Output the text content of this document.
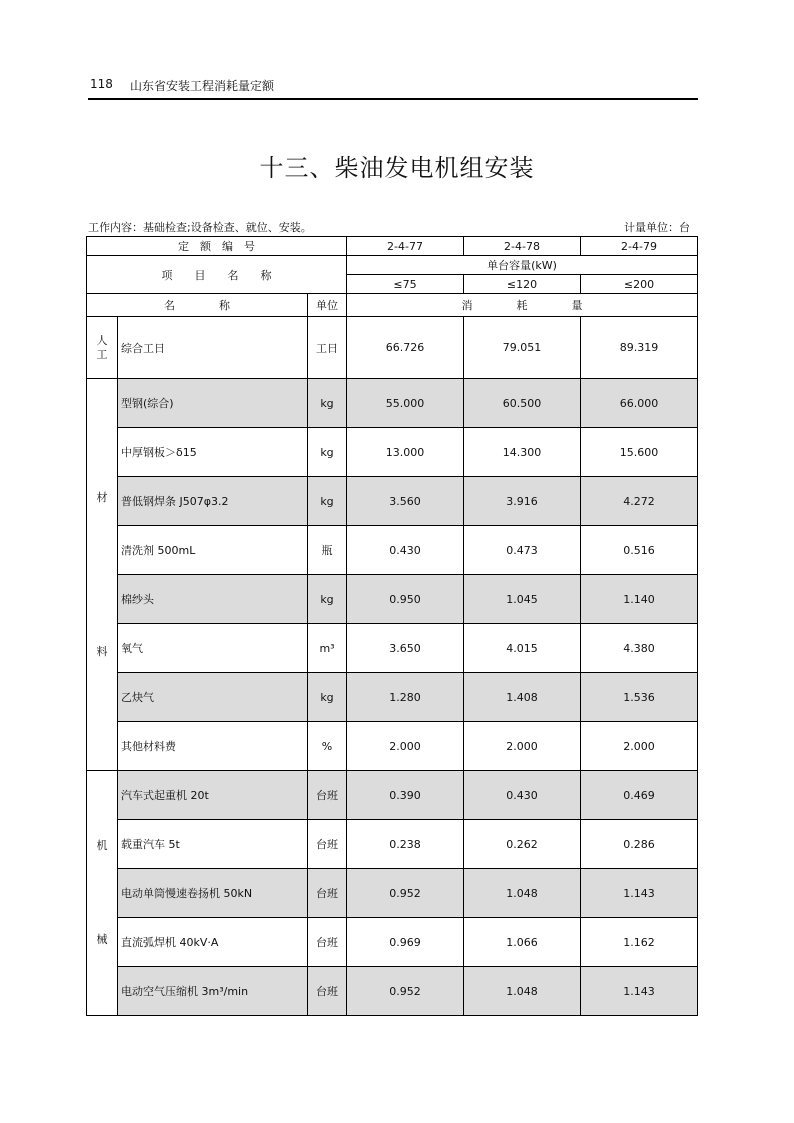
118 山东省安装工程消耗量定额
十三、柴油发电机组安装
工作内容：基础检查;设备检查、就位、安装。	计量单位：台
定　额　编　号			2-4-77	2-4-78	2-4-79
项　　目　　名　　称			单台容量(kW)		
			≤75	≤120	≤200
名　　　　称		单位	消　　　　耗　　　　量		

人
工	综合工日	工日	66.726	79.051	89.319

材
料	型钢(综合)	kg	55.000	60.500	66.000
	中厚钢板＞δ15	kg	13.000	14.300	15.600
	普低钢焊条 J507φ3.2	kg	3.560	3.916	4.272
	清洗剂 500mL	瓶	0.430	0.473	0.516
	棉纱头	kg	0.950	1.045	1.140
	氧气	m³	3.650	4.015	4.380
	乙炔气	kg	1.280	1.408	1.536
	其他材料费	%	2.000	2.000	2.000

机
械	汽车式起重机 20t	台班	0.390	0.430	0.469
	载重汽车 5t	台班	0.238	0.262	0.286
	电动单筒慢速卷扬机 50kN	台班	0.952	1.048	1.143
	直流弧焊机 40kV·A	台班	0.969	1.066	1.162
	电动空气压缩机 3m³/min	台班	0.952	1.048	1.143
